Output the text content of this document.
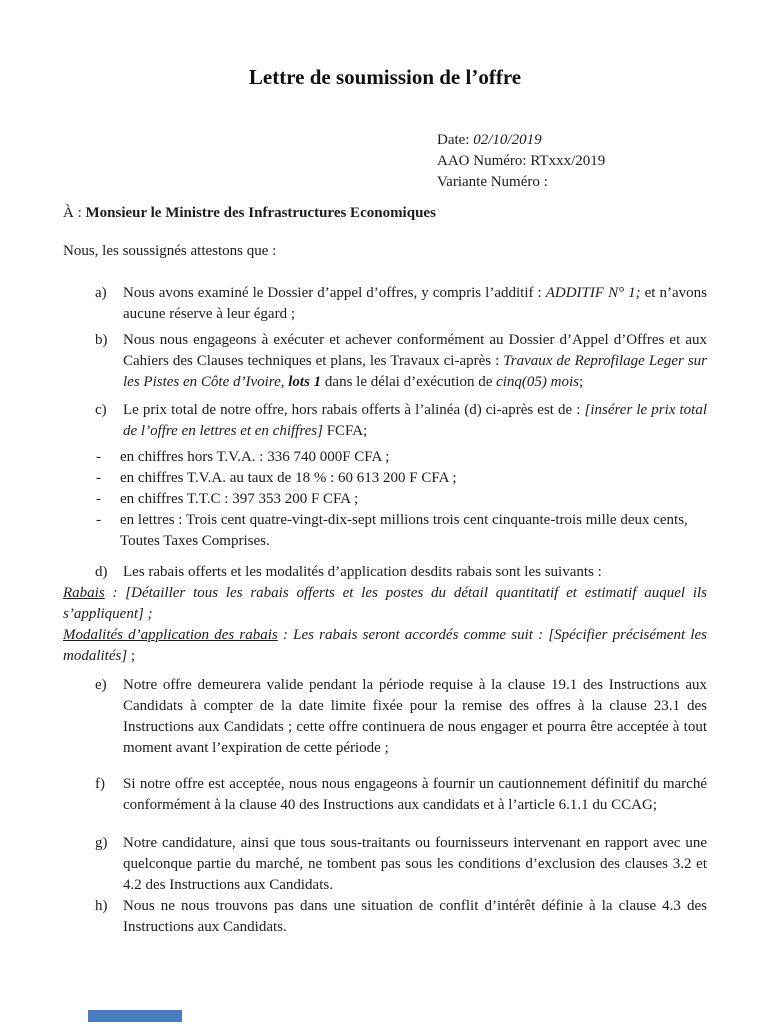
Lettre de soumission de l’offre
Date: 02/10/2019
AAO Numéro: RTxxx/2019
Variante Numéro :

À : Monsieur le Ministre des Infrastructures Economiques

Nous, les soussignés attestons que :

a) Nous avons examiné le Dossier d’appel d’offres, y compris l’additif : ADDITIF N° 1; et n’avons aucune réserve à leur égard ;
b) Nous nous engageons à exécuter et achever conformément au Dossier d’Appel d’Offres et aux Cahiers des Clauses techniques et plans, les Travaux ci-après : Travaux de Reprofilage Leger sur les Pistes en Côte d’Ivoire, lots 1 dans le délai d’exécution de cinq(05) mois;
c) Le prix total de notre offre, hors rabais offerts à l’alinéa (d) ci-après est de : [insérer le prix total de l’offre en lettres et en chiffres] FCFA;
- en chiffres hors T.V.A. : 336 740 000F CFA ;
- en chiffres T.V.A. au taux de 18 % : 60 613 200 F CFA ;
- en chiffres T.T.C : 397 353 200 F CFA ;
- en lettres : Trois cent quatre-vingt-dix-sept millions trois cent cinquante-trois mille deux cents, Toutes Taxes Comprises.
d) Les rabais offerts et les modalités d’application desdits rabais sont les suivants :
Rabais : [Détailler tous les rabais offerts et les postes du détail quantitatif et estimatif auquel ils s’appliquent] ;
Modalités d’application des rabais : Les rabais seront accordés comme suit : [Spécifier précisément les modalités] ;
e) Notre offre demeurera valide pendant la période requise à la clause 19.1 des Instructions aux Candidats à compter de la date limite fixée pour la remise des offres à la clause 23.1 des Instructions aux Candidats ; cette offre continuera de nous engager et pourra être acceptée à tout moment avant l’expiration de cette période ;
f) Si notre offre est acceptée, nous nous engageons à fournir un cautionnement définitif du marché conformément à la clause 40 des Instructions aux candidats et à l’article 6.1.1 du CCAG;
g) Notre candidature, ainsi que tous sous-traitants ou fournisseurs intervenant en rapport avec une quelconque partie du marché, ne tombent pas sous les conditions d’exclusion des clauses 3.2 et 4.2 des Instructions aux Candidats.
h) Nous ne nous trouvons pas dans une situation de conflit d’intérêt définie à la clause 4.3 des Instructions aux Candidats.
